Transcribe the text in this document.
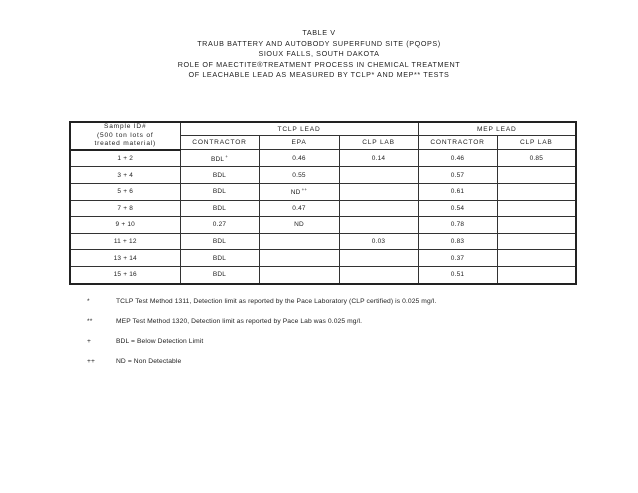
TABLE V
TRAUB BATTERY AND AUTOBODY SUPERFUND SITE (PQOPS)
SIOUX FALLS, SOUTH DAKOTA
ROLE OF MAECTITE®TREATMENT PROCESS IN CHEMICAL TREATMENT
OF LEACHABLE LEAD AS MEASURED BY TCLP* AND MEP** TESTS
Sample ID#
(500 ton lots of
treated material)	TCLP LEAD			MEP LEAD	
	CONTRACTOR	EPA	CLP LAB	CONTRACTOR	CLP LAB
1 + 2	BDL+	0.46	0.14	0.46	0.85
3 + 4	BDL	0.55		0.57	
5 + 6	BDL	ND++		0.61	
7 + 8	BDL	0.47		0.54	
9 + 10	0.27	ND		0.78	
11 + 12	BDL		0.03	0.83	
13 + 14	BDL			0.37	
15 + 16	BDL			0.51	
*	TCLP Test Method 1311, Detection limit as reported by the Pace Laboratory (CLP certified) is 0.025 mg/l.
**	MEP Test Method 1320, Detection limit as reported by Pace Lab was 0.025 mg/l.
+	BDL = Below Detection Limit
++	ND = Non Detectable
